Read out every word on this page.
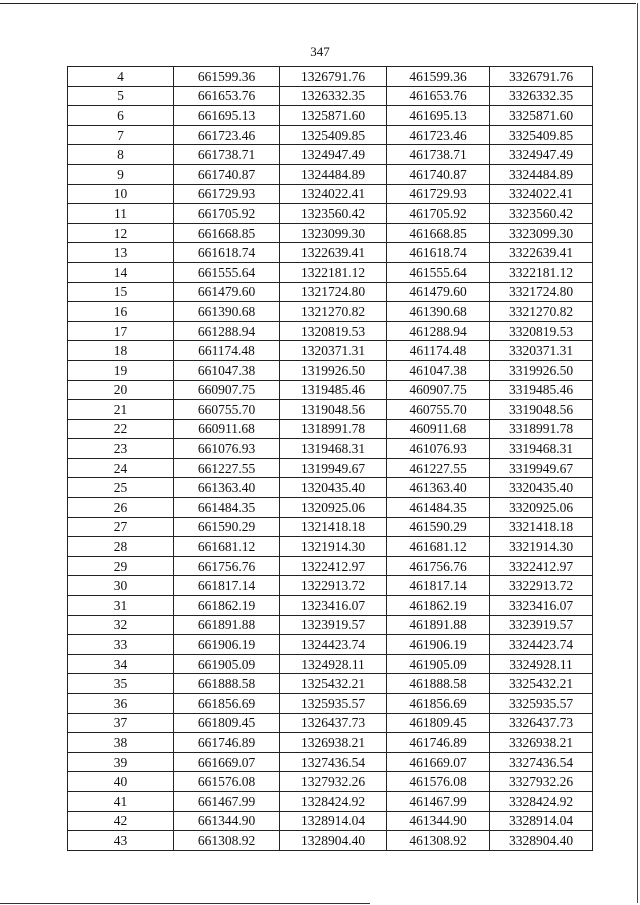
347
4	661599.36	1326791.76	461599.36	3326791.76
5	661653.76	1326332.35	461653.76	3326332.35
6	661695.13	1325871.60	461695.13	3325871.60
7	661723.46	1325409.85	461723.46	3325409.85
8	661738.71	1324947.49	461738.71	3324947.49
9	661740.87	1324484.89	461740.87	3324484.89
10	661729.93	1324022.41	461729.93	3324022.41
11	661705.92	1323560.42	461705.92	3323560.42
12	661668.85	1323099.30	461668.85	3323099.30
13	661618.74	1322639.41	461618.74	3322639.41
14	661555.64	1322181.12	461555.64	3322181.12
15	661479.60	1321724.80	461479.60	3321724.80
16	661390.68	1321270.82	461390.68	3321270.82
17	661288.94	1320819.53	461288.94	3320819.53
18	661174.48	1320371.31	461174.48	3320371.31
19	661047.38	1319926.50	461047.38	3319926.50
20	660907.75	1319485.46	460907.75	3319485.46
21	660755.70	1319048.56	460755.70	3319048.56
22	660911.68	1318991.78	460911.68	3318991.78
23	661076.93	1319468.31	461076.93	3319468.31
24	661227.55	1319949.67	461227.55	3319949.67
25	661363.40	1320435.40	461363.40	3320435.40
26	661484.35	1320925.06	461484.35	3320925.06
27	661590.29	1321418.18	461590.29	3321418.18
28	661681.12	1321914.30	461681.12	3321914.30
29	661756.76	1322412.97	461756.76	3322412.97
30	661817.14	1322913.72	461817.14	3322913.72
31	661862.19	1323416.07	461862.19	3323416.07
32	661891.88	1323919.57	461891.88	3323919.57
33	661906.19	1324423.74	461906.19	3324423.74
34	661905.09	1324928.11	461905.09	3324928.11
35	661888.58	1325432.21	461888.58	3325432.21
36	661856.69	1325935.57	461856.69	3325935.57
37	661809.45	1326437.73	461809.45	3326437.73
38	661746.89	1326938.21	461746.89	3326938.21
39	661669.07	1327436.54	461669.07	3327436.54
40	661576.08	1327932.26	461576.08	3327932.26
41	661467.99	1328424.92	461467.99	3328424.92
42	661344.90	1328914.04	461344.90	3328914.04
43	661308.92	1328904.40	461308.92	3328904.40
